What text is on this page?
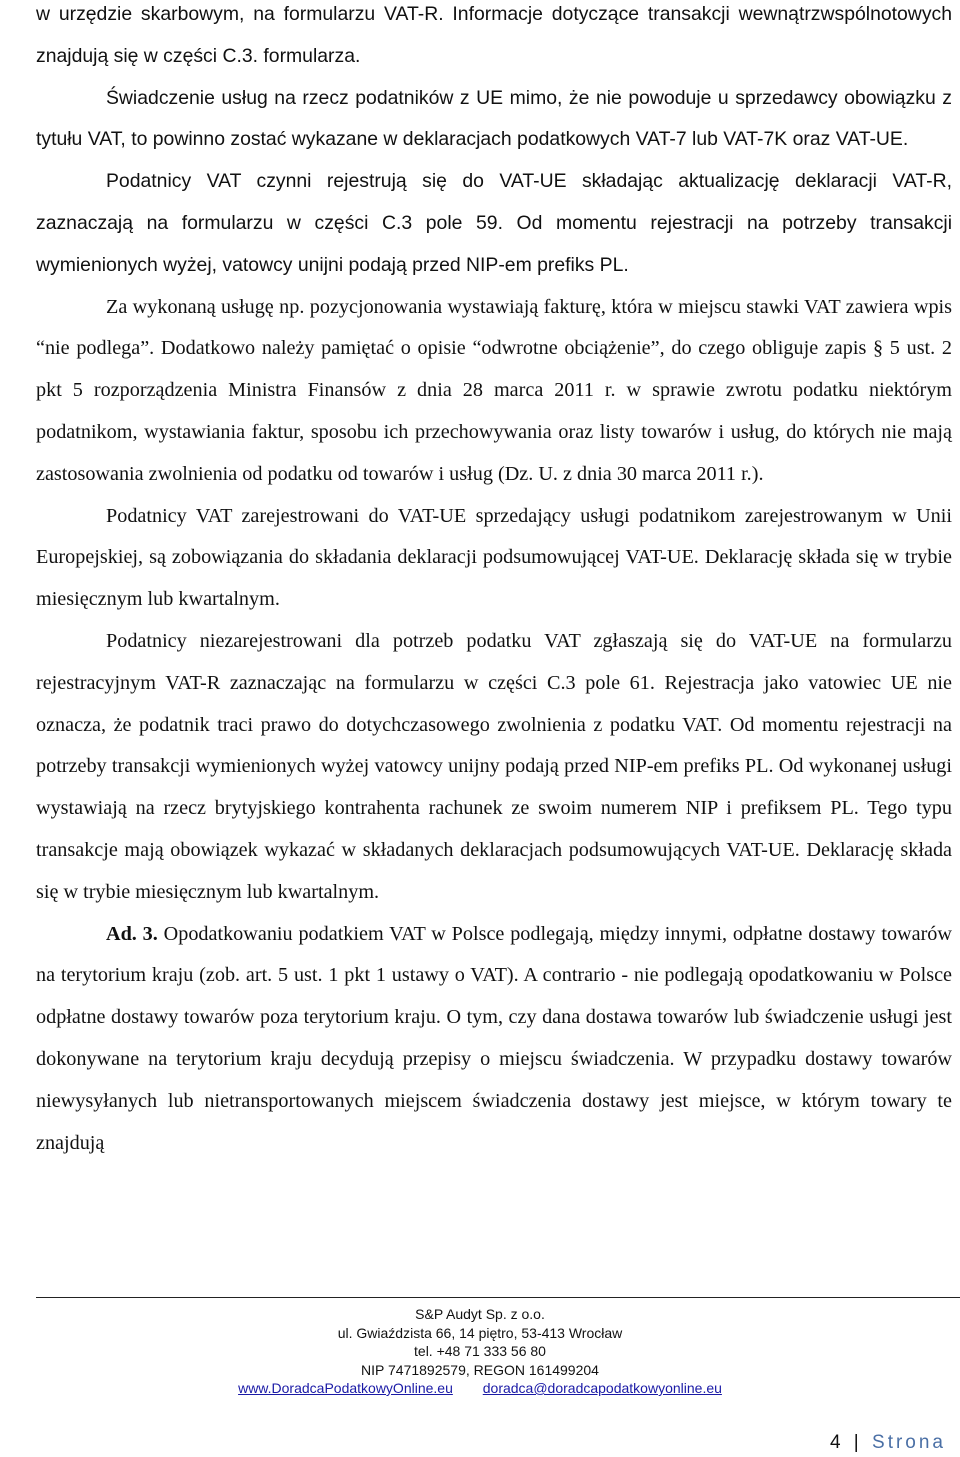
w urzędzie skarbowym, na formularzu VAT-R. Informacje dotyczące transakcji wewnątrzwspólnotowych znajdują się w części C.3. formularza.

Świadczenie usług na rzecz podatników z UE mimo, że nie powoduje u sprzedawcy obowiązku z tytułu VAT, to powinno zostać wykazane w deklaracjach podatkowych VAT-7 lub VAT-7K oraz VAT-UE.

Podatnicy VAT czynni rejestrują się do VAT-UE składając aktualizację deklaracji VAT-R, zaznaczają na formularzu w części C.3 pole 59. Od momentu rejestracji na potrzeby transakcji wymienionych wyżej, vatowcy unijni podają przed NIP-em prefiks PL.

Za wykonaną usługę np. pozycjonowania wystawiają fakturę, która w miejscu stawki VAT zawiera wpis “nie podlega”. Dodatkowo należy pamiętać o opisie “odwrotne obciążenie”, do czego obliguje zapis § 5 ust. 2 pkt 5 rozporządzenia Ministra Finansów z dnia 28 marca 2011 r. w sprawie zwrotu podatku niektórym podatnikom, wystawiania faktur, sposobu ich przechowywania oraz listy towarów i usług, do których nie mają zastosowania zwolnienia od podatku od towarów i usług (Dz. U. z dnia 30 marca 2011 r.).

Podatnicy VAT zarejestrowani do VAT-UE sprzedający usługi podatnikom zarejestrowanym w Unii Europejskiej, są zobowiązania do składania deklaracji podsumowującej VAT-UE. Deklarację składa się w trybie miesięcznym lub kwartalnym.

Podatnicy niezarejestrowani dla potrzeb podatku VAT zgłaszają się do VAT-UE na formularzu rejestracyjnym VAT-R zaznaczając na formularzu w części C.3 pole 61. Rejestracja jako vatowiec UE nie oznacza, że podatnik traci prawo do dotychczasowego zwolnienia z podatku VAT. Od momentu rejestracji na potrzeby transakcji wymienionych wyżej vatowcy unijny podają przed NIP-em prefiks PL. Od wykonanej usługi wystawiają na rzecz brytyjskiego kontrahenta rachunek ze swoim numerem NIP i prefiksem PL. Tego typu transakcje mają obowiązek wykazać w składanych deklaracjach podsumowujących VAT-UE. Deklarację składa się w trybie miesięcznym lub kwartalnym.

Ad. 3. Opodatkowaniu podatkiem VAT w Polsce podlegają, między innymi, odpłatne dostawy towarów na terytorium kraju (zob. art. 5 ust. 1 pkt 1 ustawy o VAT). A contrario - nie podlegają opodatkowaniu w Polsce odpłatne dostawy towarów poza terytorium kraju. O tym, czy dana dostawa towarów lub świadczenie usługi jest dokonywane na terytorium kraju decydują przepisy o miejscu świadczenia. W przypadku dostawy towarów niewysyłanych lub nietransportowanych miejscem świadczenia dostawy jest miejsce, w którym towary te znajdują

S&P Audyt Sp. z o.o.
ul. Gwiaździsta 66, 14 piętro, 53-413 Wrocław
tel. +48 71 333 56 80
NIP 7471892579, REGON 161499204
www.DoradcaPodatkowyOnline.eu doradca@doradcapodatkowyonline.eu
4 | Strona
